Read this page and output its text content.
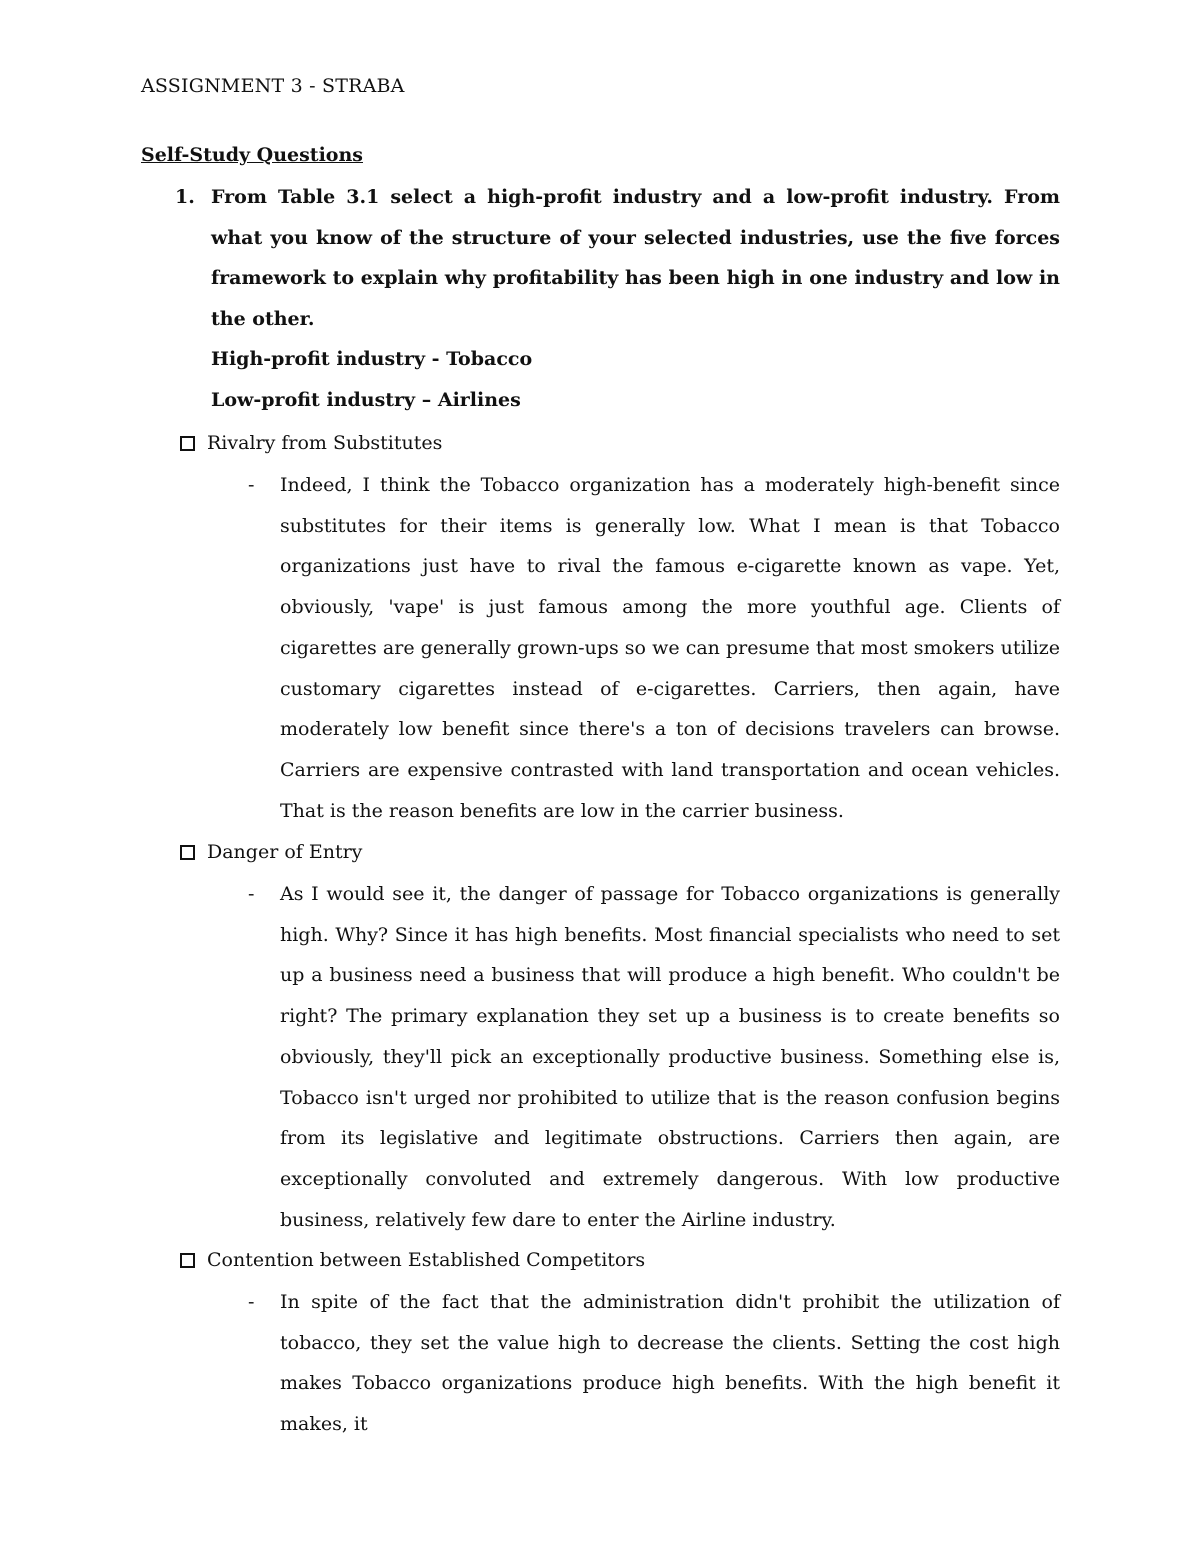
ASSIGNMENT 3 - STRABA
Self-Study Questions
1. From Table 3.1 select a high-profit industry and a low-profit industry. From what you know of the structure of your selected industries, use the five forces framework to explain why profitability has been high in one industry and low in the other.
High-profit industry - Tobacco
Low-profit industry – Airlines
Rivalry from Substitutes
- Indeed, I think the Tobacco organization has a moderately high-benefit since substitutes for their items is generally low. What I mean is that Tobacco organizations just have to rival the famous e-cigarette known as vape. Yet, obviously, 'vape' is just famous among the more youthful age. Clients of cigarettes are generally grown-ups so we can presume that most smokers utilize customary cigarettes instead of e-cigarettes. Carriers, then again, have moderately low benefit since there's a ton of decisions travelers can browse. Carriers are expensive contrasted with land transportation and ocean vehicles. That is the reason benefits are low in the carrier business.
Danger of Entry
- As I would see it, the danger of passage for Tobacco organizations is generally high. Why? Since it has high benefits. Most financial specialists who need to set up a business need a business that will produce a high benefit. Who couldn't be right? The primary explanation they set up a business is to create benefits so obviously, they'll pick an exceptionally productive business. Something else is, Tobacco isn't urged nor prohibited to utilize that is the reason confusion begins from its legislative and legitimate obstructions. Carriers then again, are exceptionally convoluted and extremely dangerous. With low productive business, relatively few dare to enter the Airline industry.
Contention between Established Competitors
- In spite of the fact that the administration didn't prohibit the utilization of tobacco, they set the value high to decrease the clients. Setting the cost high makes Tobacco organizations produce high benefits. With the high benefit it makes, it
